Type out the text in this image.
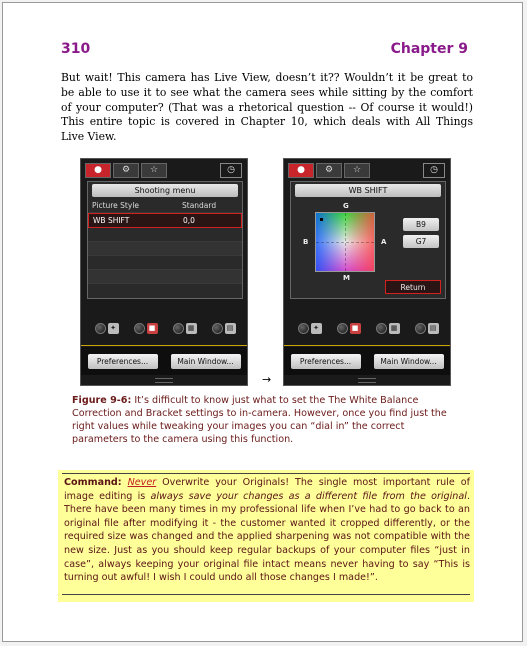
310	Chapter 9

But wait! This camera has Live View, doesn’t it?? Wouldn’t it be great to be able to use it to see what the camera sees while sitting by the comfort of your computer? (That was a rhetorical question -- Of course it would!) This entire topic is covered in Chapter 10, which deals with All Things Live View.

●	⚙	☆	◷
Shooting menu
Picture Style	Standard
WB SHIFT	0,0
✦	■	▦	▤
Preferences...	Main Window...
→
●	⚙	☆	◷
WB SHIFT
G
M
B	A
B9
G7
Return
✦	■	▦	▤
Preferences...	Main Window...

Figure 9-6: It’s difficult to know just what to set the The White Balance Correction and Bracket settings to in-camera. However, once you find just the right values while tweaking your images you can “dial in” the correct parameters to the camera using this function.

Command: Never Overwrite your Originals! The single most important rule of image editing is always save your changes as a different file from the original. There have been many times in my professional life when I’ve had to go back to an original file after modifying it - the customer wanted it cropped differently, or the required size was changed and the applied sharpening was not compatible with the new size. Just as you should keep regular backups of your computer files “just in case”, always keeping your original file intact means never having to say “This is turning out awful! I wish I could undo all those changes I made!”.
